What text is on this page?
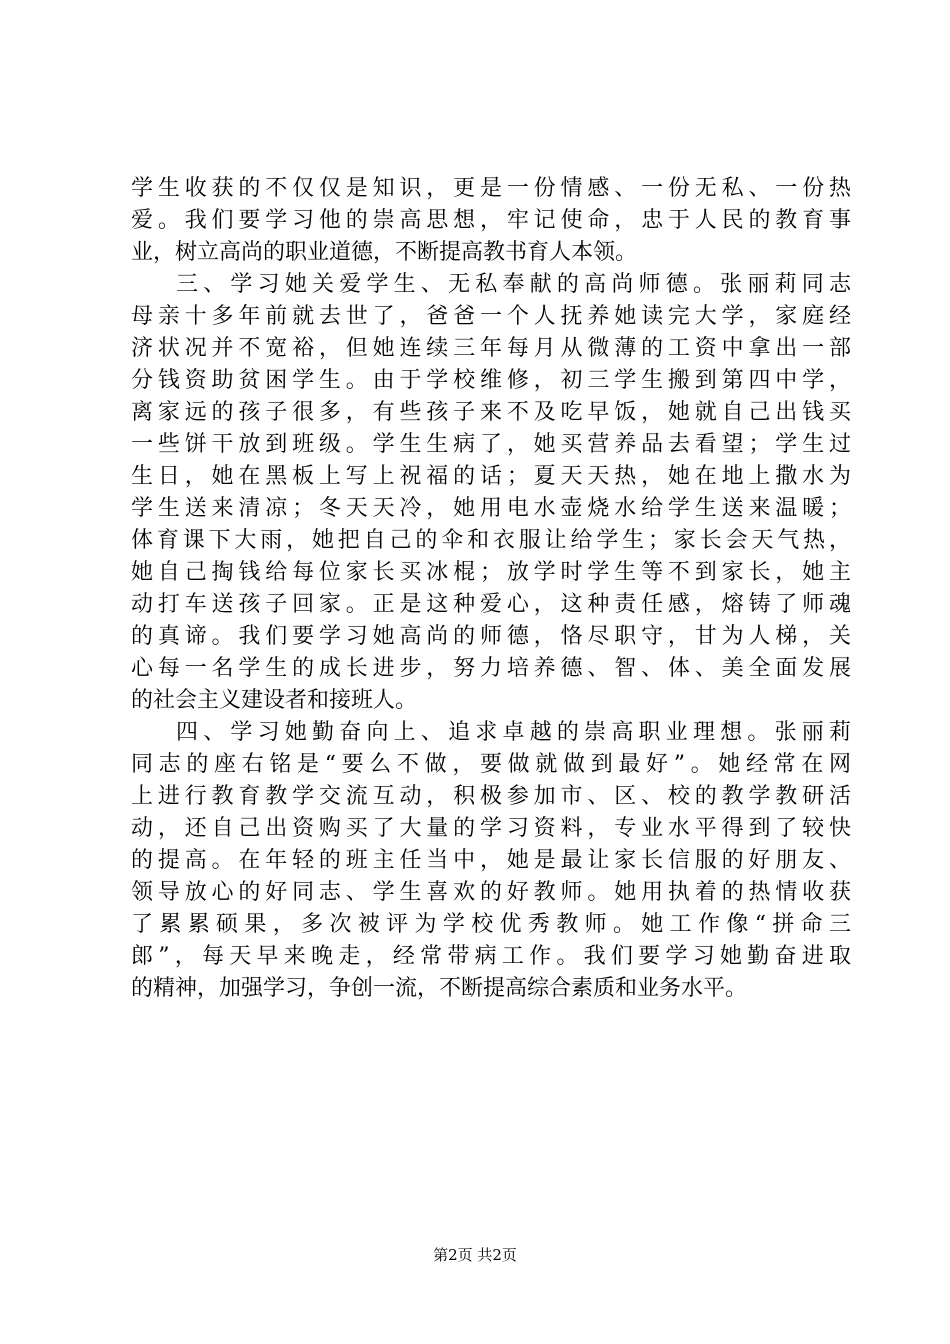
学生收获的不仅仅是知识，更是一份情感、一份无私、一份热
爱。我们要学习他的崇高思想，牢记使命，忠于人民的教育事
业，树立高尚的职业道德，不断提高教书育人本领。
三、学习她关爱学生、无私奉献的高尚师德。张丽莉同志
母亲十多年前就去世了，爸爸一个人抚养她读完大学，家庭经
济状况并不宽裕，但她连续三年每月从微薄的工资中拿出一部
分钱资助贫困学生。由于学校维修，初三学生搬到第四中学，
离家远的孩子很多，有些孩子来不及吃早饭，她就自己出钱买
一些饼干放到班级。学生生病了，她买营养品去看望；学生过
生日，她在黑板上写上祝福的话；夏天天热，她在地上撒水为
学生送来清凉；冬天天冷，她用电水壶烧水给学生送来温暖；
体育课下大雨，她把自己的伞和衣服让给学生；家长会天气热，
她自己掏钱给每位家长买冰棍；放学时学生等不到家长，她主
动打车送孩子回家。正是这种爱心，这种责任感，熔铸了师魂
的真谛。我们要学习她高尚的师德，恪尽职守，甘为人梯，关
心每一名学生的成长进步，努力培养德、智、体、美全面发展
的社会主义建设者和接班人。
四、学习她勤奋向上、追求卓越的崇高职业理想。张丽莉
同志的座右铭是“要么不做，要做就做到最好”。她经常在网
上进行教育教学交流互动，积极参加市、区、校的教学教研活
动，还自己出资购买了大量的学习资料，专业水平得到了较快
的提高。在年轻的班主任当中，她是最让家长信服的好朋友、
领导放心的好同志、学生喜欢的好教师。她用执着的热情收获
了累累硕果，多次被评为学校优秀教师。她工作像“拼命三
郎”，每天早来晚走，经常带病工作。我们要学习她勤奋进取
的精神，加强学习，争创一流，不断提高综合素质和业务水平。
第2页 共2页
